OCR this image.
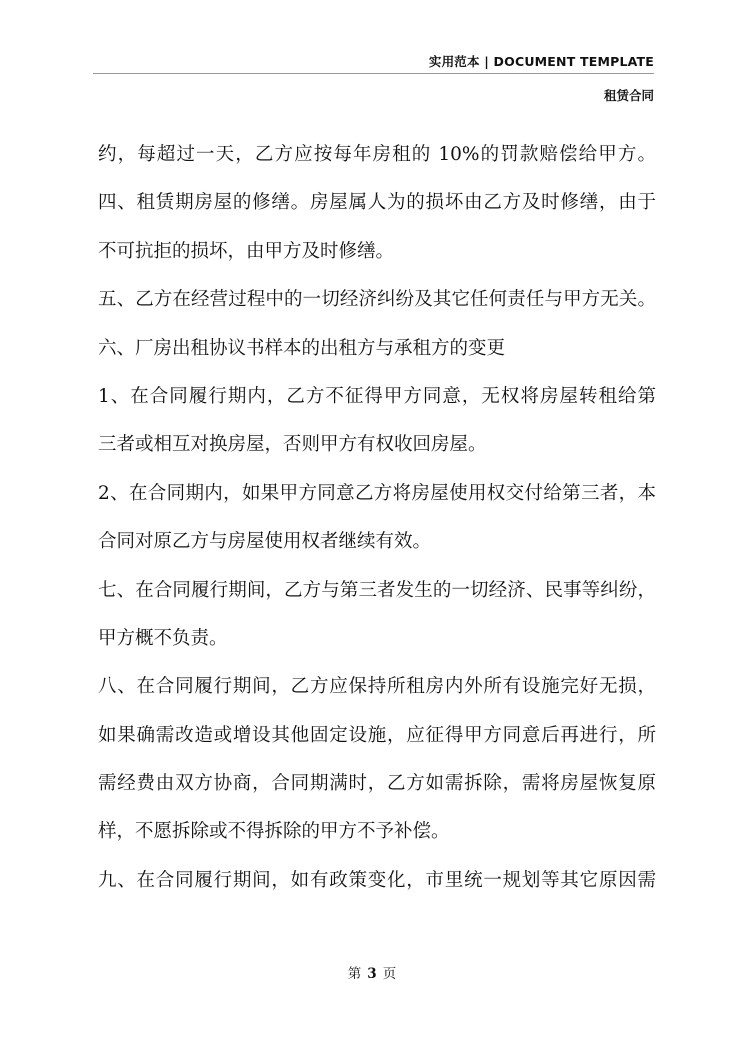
实用范本 | DOCUMENT TEMPLATE
租赁合同
约，每超过一天，乙方应按每年房租的 10%的罚款赔偿给甲方。
四、租赁期房屋的修缮。房屋属人为的损坏由乙方及时修缮，由于
不可抗拒的损坏，由甲方及时修缮。
五、乙方在经营过程中的一切经济纠纷及其它任何责任与甲方无关。
六、厂房出租协议书样本的出租方与承租方的变更
1、在合同履行期内，乙方不征得甲方同意，无权将房屋转租给第
三者或相互对换房屋，否则甲方有权收回房屋。
2、在合同期内，如果甲方同意乙方将房屋使用权交付给第三者，本
合同对原乙方与房屋使用权者继续有效。
七、在合同履行期间，乙方与第三者发生的一切经济、民事等纠纷，
甲方概不负责。
八、在合同履行期间，乙方应保持所租房内外所有设施完好无损，
如果确需改造或增设其他固定设施，应征得甲方同意后再进行，所
需经费由双方协商，合同期满时，乙方如需拆除，需将房屋恢复原
样，不愿拆除或不得拆除的甲方不予补偿。
九、在合同履行期间，如有政策变化，市里统一规划等其它原因需
第 3 页
